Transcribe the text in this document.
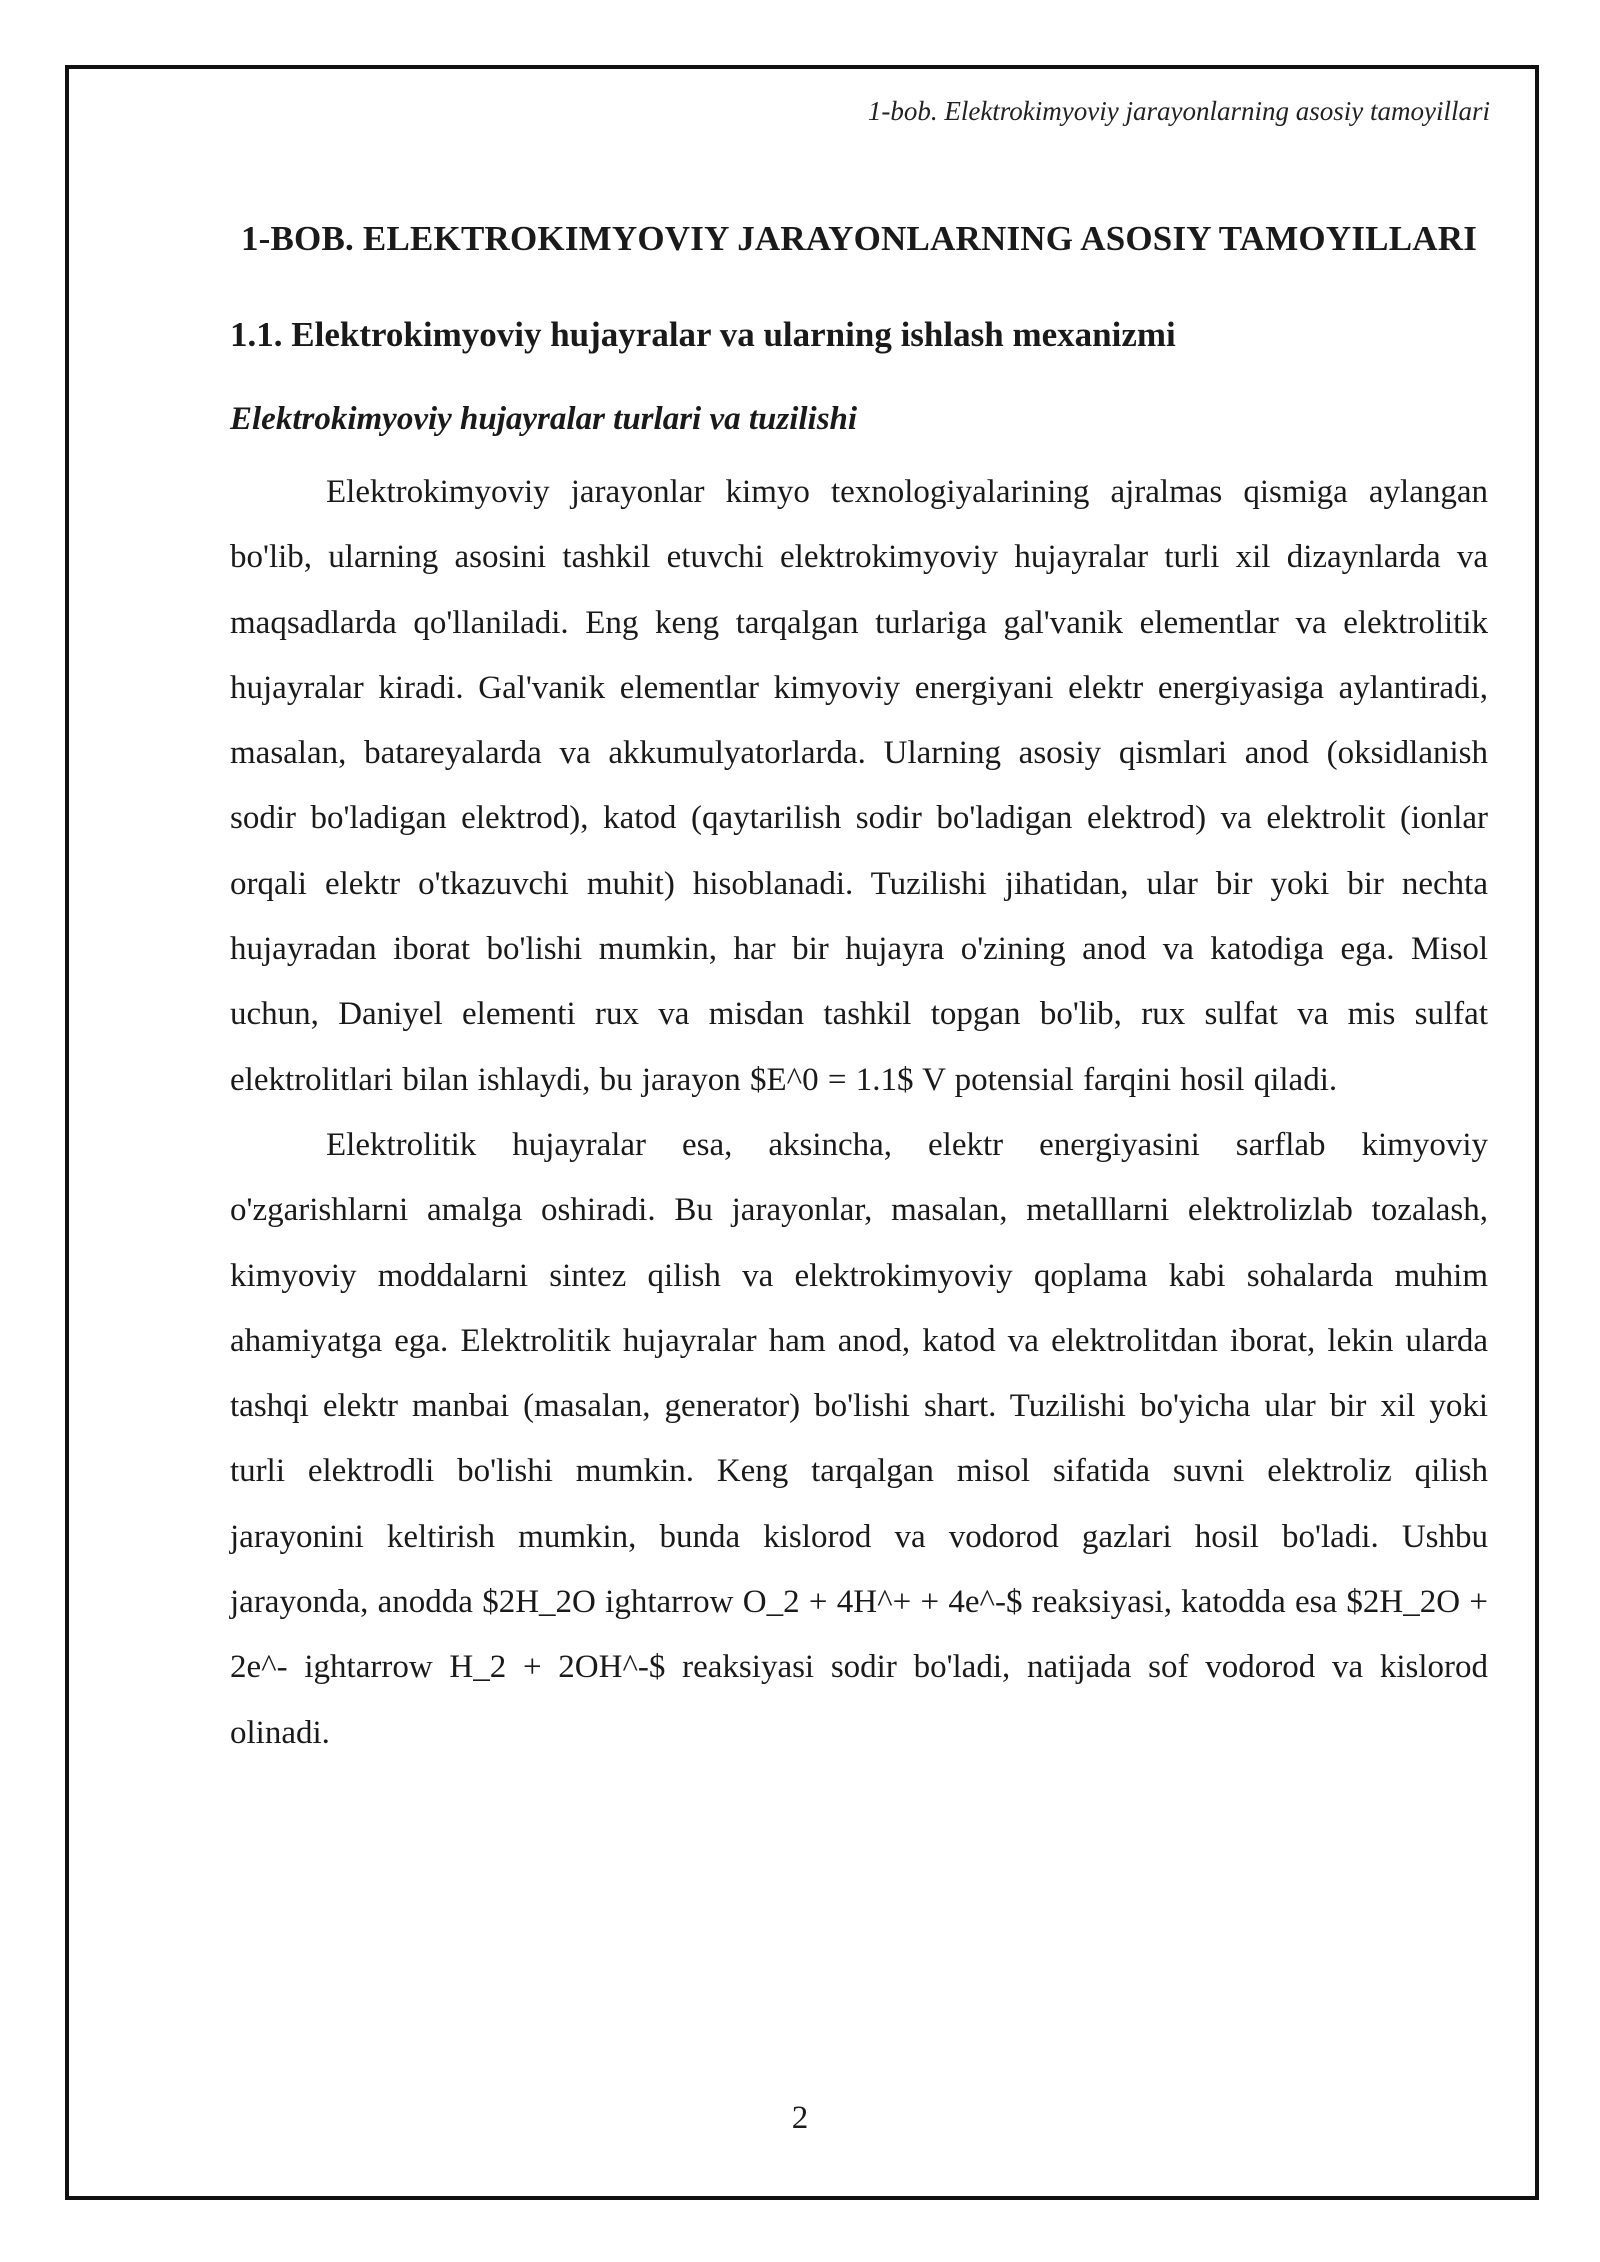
1-bob. Elektrokimyoviy jarayonlarning asosiy tamoyillari
1-BOB. ELEKTROKIMYOVIY JARAYONLARNING ASOSIY TAMOYILLARI
1.1. Elektrokimyoviy hujayralar va ularning ishlash mexanizmi
Elektrokimyoviy hujayralar turlari va tuzilishi

Elektrokimyoviy jarayonlar kimyo texnologiyalarining ajralmas qismiga aylangan bo'lib, ularning asosini tashkil etuvchi elektrokimyoviy hujayralar turli xil dizaynlarda va maqsadlarda qo'llaniladi. Eng keng tarqalgan turlariga gal'vanik elementlar va elektrolitik hujayralar kiradi. Gal'vanik elementlar kimyoviy energiyani elektr energiyasiga aylantiradi, masalan, batareyalarda va akkumulyatorlarda. Ularning asosiy qismlari anod (oksidlanish sodir bo'ladigan elektrod), katod (qaytarilish sodir bo'ladigan elektrod) va elektrolit (ionlar orqali elektr o'tkazuvchi muhit) hisoblanadi. Tuzilishi jihatidan, ular bir yoki bir nechta hujayradan iborat bo'lishi mumkin, har bir hujayra o'zining anod va katodiga ega. Misol uchun, Daniyel elementi rux va misdan tashkil topgan bo'lib, rux sulfat va mis sulfat elektrolitlari bilan ishlaydi, bu jarayon $E^0 = 1.1$ V potensial farqini hosil qiladi.

Elektrolitik hujayralar esa, aksincha, elektr energiyasini sarflab kimyoviy o'zgarishlarni amalga oshiradi. Bu jarayonlar, masalan, metalllarni elektrolizlab tozalash, kimyoviy moddalarni sintez qilish va elektrokimyoviy qoplama kabi sohalarda muhim ahamiyatga ega. Elektrolitik hujayralar ham anod, katod va elektrolitdan iborat, lekin ularda tashqi elektr manbai (masalan, generator) bo'lishi shart. Tuzilishi bo'yicha ular bir xil yoki turli elektrodli bo'lishi mumkin. Keng tarqalgan misol sifatida suvni elektroliz qilish jarayonini keltirish mumkin, bunda kislorod va vodorod gazlari hosil bo'ladi. Ushbu jarayonda, anodda $2H_2O ightarrow O_2 + 4H^+ + 4e^-$ reaksiyasi, katodda esa $2H_2O + 2e^- ightarrow H_2 + 2OH^-$ reaksiyasi sodir bo'ladi, natijada sof vodorod va kislorod olinadi.

2
